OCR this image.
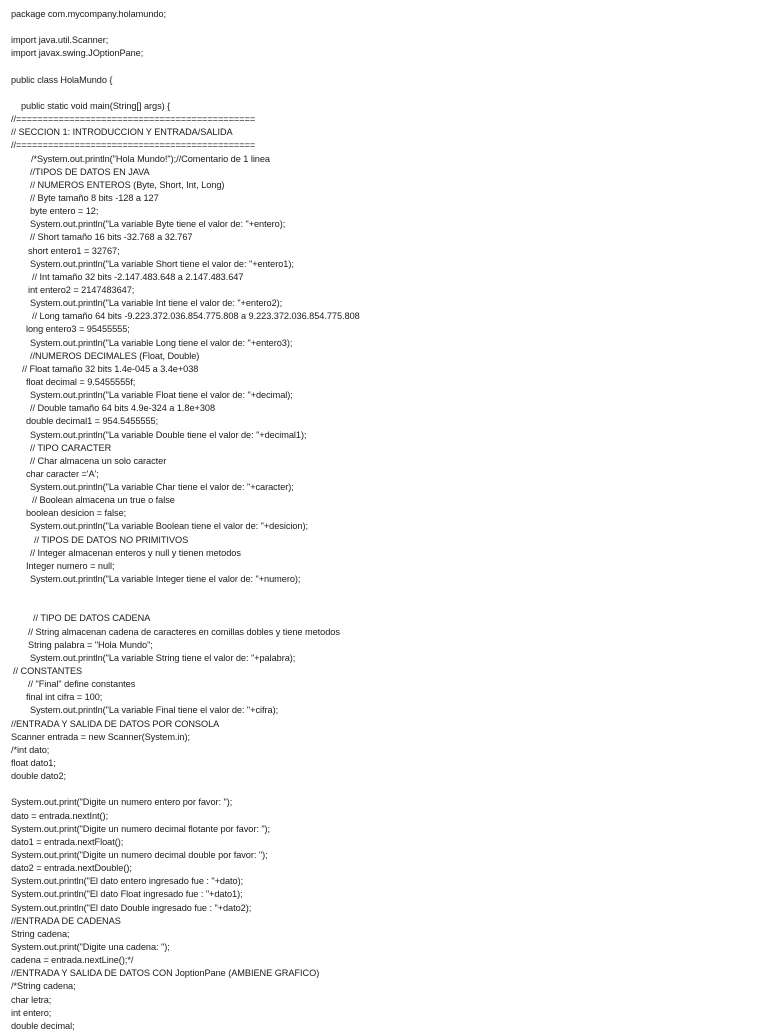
package com.mycompany.holamundo;
import java.util.Scanner;
import javax.swing.JOptionPane;
public class HolaMundo {
public static void main(String[] args) {
//=============================================
// SECCION 1: INTRODUCCION Y ENTRADA/SALIDA
//=============================================
/*System.out.println("Hola Mundo!");//Comentario de 1 linea
//TIPOS DE DATOS EN JAVA
// NUMEROS ENTEROS (Byte, Short, Int, Long)
// Byte tamaño 8 bits -128 a 127
byte entero = 12;
System.out.println("La variable Byte tiene el valor de: "+entero);
// Short tamaño 16 bits -32.768 a 32.767
short entero1 = 32767;
System.out.println("La variable Short tiene el valor de: "+entero1);
// Int tamaño 32 bits -2.147.483.648 a 2.147.483.647
int entero2 = 2147483647;
System.out.println("La variable Int tiene el valor de: "+entero2);
// Long tamaño 64 bits -9.223.372.036.854.775.808 a 9.223.372.036.854.775.808
long entero3 = 95455555;
System.out.println("La variable Long tiene el valor de: "+entero3);
//NUMEROS DECIMALES (Float, Double)
// Float tamaño 32 bits 1.4e-045 a 3.4e+038
float decimal = 9.5455555f;
System.out.println("La variable Float tiene el valor de: "+decimal);
// Double tamaño 64 bits 4.9e-324 a 1.8e+308
double decimal1 = 954.5455555;
System.out.println("La variable Double tiene el valor de: "+decimal1);
// TIPO CARACTER
// Char almacena un solo caracter
char caracter ='A';
System.out.println("La variable Char tiene el valor de: "+caracter);
// Boolean almacena un true o false
boolean desicion = false;
System.out.println("La variable Boolean tiene el valor de: "+desicion);
// TIPOS DE DATOS NO PRIMITIVOS
// Integer almacenan enteros y null y tienen metodos
Integer numero = null;
System.out.println("La variable Integer tiene el valor de: "+numero);
// TIPO DE DATOS CADENA
// String almacenan cadena de caracteres en comillas dobles y tiene metodos
String palabra = "Hola Mundo";
System.out.println("La variable String tiene el valor de: "+palabra);
// CONSTANTES
// "Final" define constantes
final int cifra = 100;
System.out.println("La variable Final tiene el valor de: "+cifra);
//ENTRADA Y SALIDA DE DATOS POR CONSOLA
Scanner entrada = new Scanner(System.in);
/*int dato;
float dato1;
double dato2;
System.out.print("Digite un numero entero por favor: ");
dato = entrada.nextInt();
System.out.print("Digite un numero decimal flotante por favor: ");
dato1 = entrada.nextFloat();
System.out.print("Digite un numero decimal double por favor: ");
dato2 = entrada.nextDouble();
System.out.println("El dato entero ingresado fue : "+dato);
System.out.println("El dato Float ingresado fue : "+dato1);
System.out.println("El dato Double ingresado fue : "+dato2);
//ENTRADA DE CADENAS
String cadena;
System.out.print("Digite una cadena: ");
cadena = entrada.nextLine();*/
//ENTRADA Y SALIDA DE DATOS CON JoptionPane (AMBIENE GRAFICO)
/*String cadena;
char letra;
int entero;
double decimal;
